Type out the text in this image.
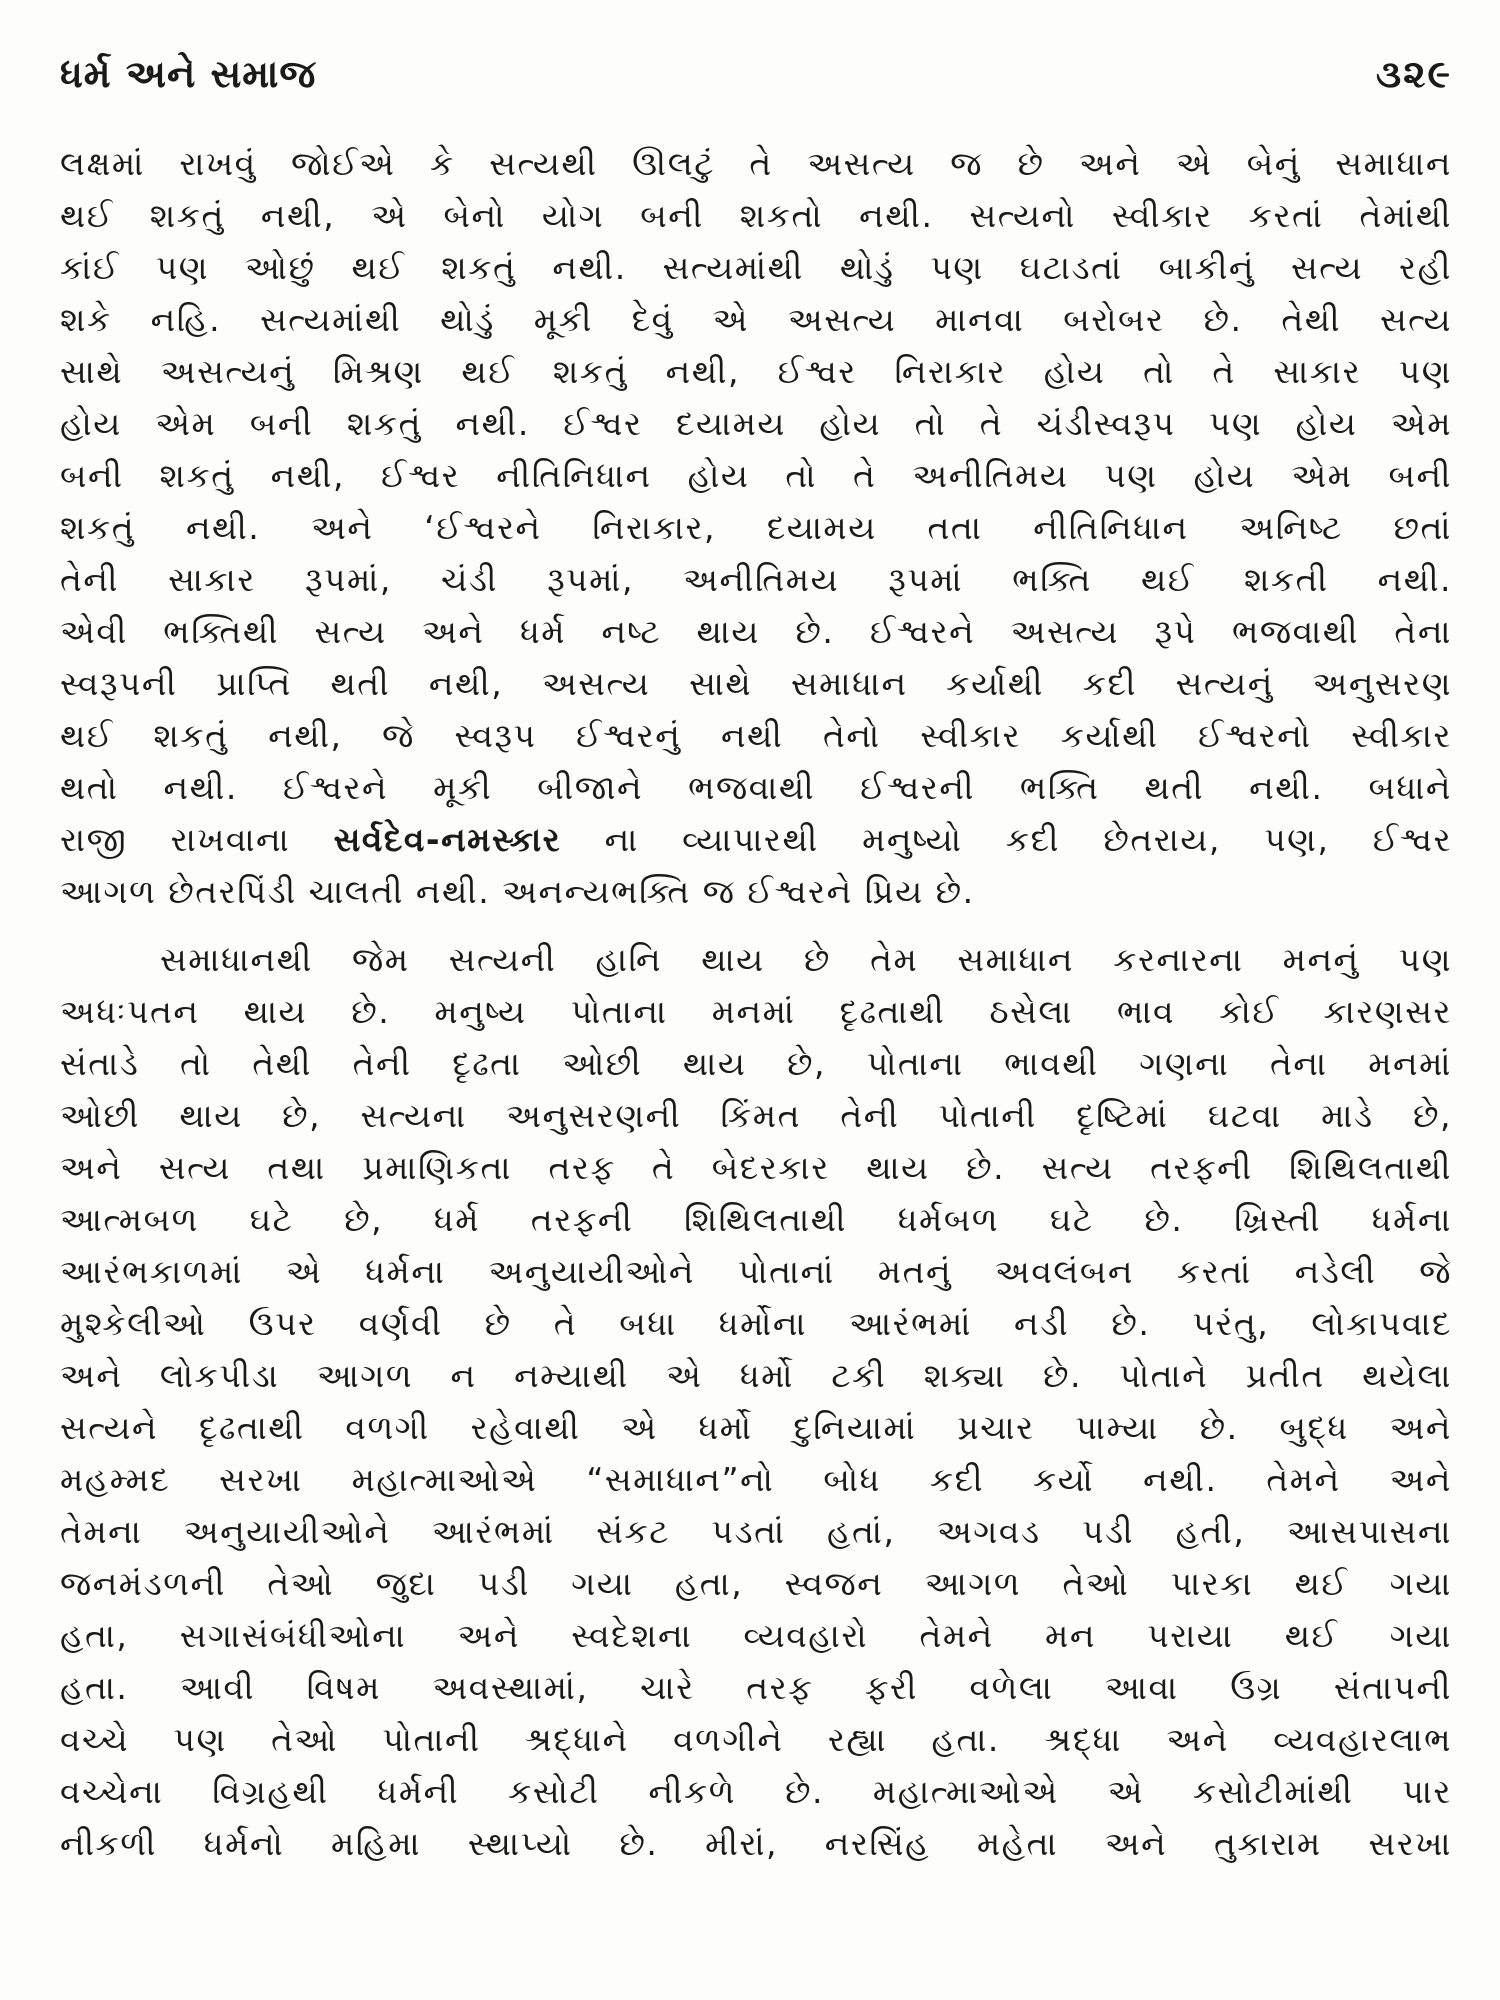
ધર્મ અને સમાજ	૩૨૯
લક્ષમાં રાખવું જોઈએ કે સત્યથી ઊલટું તે અસત્ય જ છે અને એ બેનું સમાધાન
થઈ શકતું નથી, એ બેનો યોગ બની શકતો નથી. સત્યનો સ્વીકાર કરતાં તેમાંથી
કાંઈ પણ ઓછું થઈ શકતું નથી. સત્યમાંથી થોડું પણ ઘટાડતાં બાકીનું સત્ય રહી
શકે નહિ. સત્યમાંથી થોડું મૂકી દેવું એ અસત્ય માનવા બરોબર છે. તેથી સત્ય
સાથે અસત્યનું મિશ્રણ થઈ શકતું નથી, ઈશ્વર નિરાકાર હોય તો તે સાકાર પણ
હોય એમ બની શકતું નથી. ઈશ્વર દયામય હોય તો તે ચંડીસ્વરૂપ પણ હોય એમ
બની શકતું નથી, ઈશ્વર નીતિનિધાન હોય તો તે અનીતિમય પણ હોય એમ બની
શકતું નથી. અને ‘ઈશ્વરને નિરાકાર, દયામય તતા નીતિનિધાન અનિષ્ટ છતાં
તેની સાકાર રૂપમાં, ચંડી રૂપમાં, અનીતિમય રૂપમાં ભક્તિ થઈ શકતી નથી.
એવી ભક્તિથી સત્ય અને ધર્મ નષ્ટ થાય છે. ઈશ્વરને અસત્ય રૂપે ભજવાથી તેના
સ્વરૂપની પ્રાપ્તિ થતી નથી, અસત્ય સાથે સમાધાન કર્યાથી કદી સત્યનું અનુસરણ
થઈ શકતું નથી, જે સ્વરૂપ ઈશ્વરનું નથી તેનો સ્વીકાર કર્યાથી ઈશ્વરનો સ્વીકાર
થતો નથી. ઈશ્વરને મૂકી બીજાને ભજવાથી ઈશ્વરની ભક્તિ થતી નથી. બધાને
રાજી રાખવાના સર્વદેવ-નમસ્કાર ના વ્યાપારથી મનુષ્યો કદી છેતરાય, પણ, ઈશ્વર
આગળ છેતરપિંડી ચાલતી નથી. અનન્યભક્તિ જ ઈશ્વરને પ્રિય છે.
સમાધાનથી જેમ સત્યની હાનિ થાય છે તેમ સમાધાન કરનારના મનનું પણ
અધઃપતન થાય છે. મનુષ્ય પોતાના મનમાં દૃઢતાથી ઠસેલા ભાવ કોઈ કારણસર
સંતાડે તો તેથી તેની દૃઢતા ઓછી થાય છે, પોતાના ભાવથી ગણના તેના મનમાં
ઓછી થાય છે, સત્યના અનુસરણની કિંમત તેની પોતાની દૃષ્ટિમાં ઘટવા માડે છે,
અને સત્ય તથા પ્રમાણિકતા તરફ તે બેદરકાર થાય છે. સત્ય તરફની શિથિલતાથી
આત્મબળ ઘટે છે, ધર્મ તરફની શિથિલતાથી ધર્મબળ ઘટે છે. ખ્રિસ્તી ધર્મના
આરંભકાળમાં એ ધર્મના અનુયાયીઓને પોતાનાં મતનું અવલંબન કરતાં નડેલી જે
મુશ્કેલીઓ ઉપર વર્ણવી છે તે બધા ધર્મોના આરંભમાં નડી છે. પરંતુ, લોકાપવાદ
અને લોકપીડા આગળ ન નમ્યાથી એ ધર્મો ટકી શક્યા છે. પોતાને પ્રતીત થયેલા
સત્યને દૃઢતાથી વળગી રહેવાથી એ ધર્મો દુનિયામાં પ્રચાર પામ્યા છે. બુદ્ધ અને
મહમ્મદ સરખા મહાત્માઓએ “સમાધાન”નો બોધ કદી કર્યો નથી. તેમને અને
તેમના અનુયાયીઓને આરંભમાં સંકટ પડતાં હતાં, અગવડ પડી હતી, આસપાસના
જનમંડળની તેઓ જુદા પડી ગયા હતા, સ્વજન આગળ તેઓ પારકા થઈ ગયા
હતા, સગાસંબંધીઓના અને સ્વદેશના વ્યવહારો તેમને મન પરાયા થઈ ગયા
હતા. આવી વિષમ અવસ્થામાં, ચારે તરફ ફરી વળેલા આવા ઉગ્ર સંતાપની
વચ્ચે પણ તેઓ પોતાની શ્રદ્ધાને વળગીને રહ્યા હતા. શ્રદ્ધા અને વ્યવહારલાભ
વચ્ચેના વિગ્રહથી ધર્મની કસોટી નીકળે છે. મહાત્માઓએ એ કસોટીમાંથી પાર
નીકળી ધર્મનો મહિમા સ્થાપ્યો છે. મીરાં, નરસિંહ મહેતા અને તુકારામ સરખા
